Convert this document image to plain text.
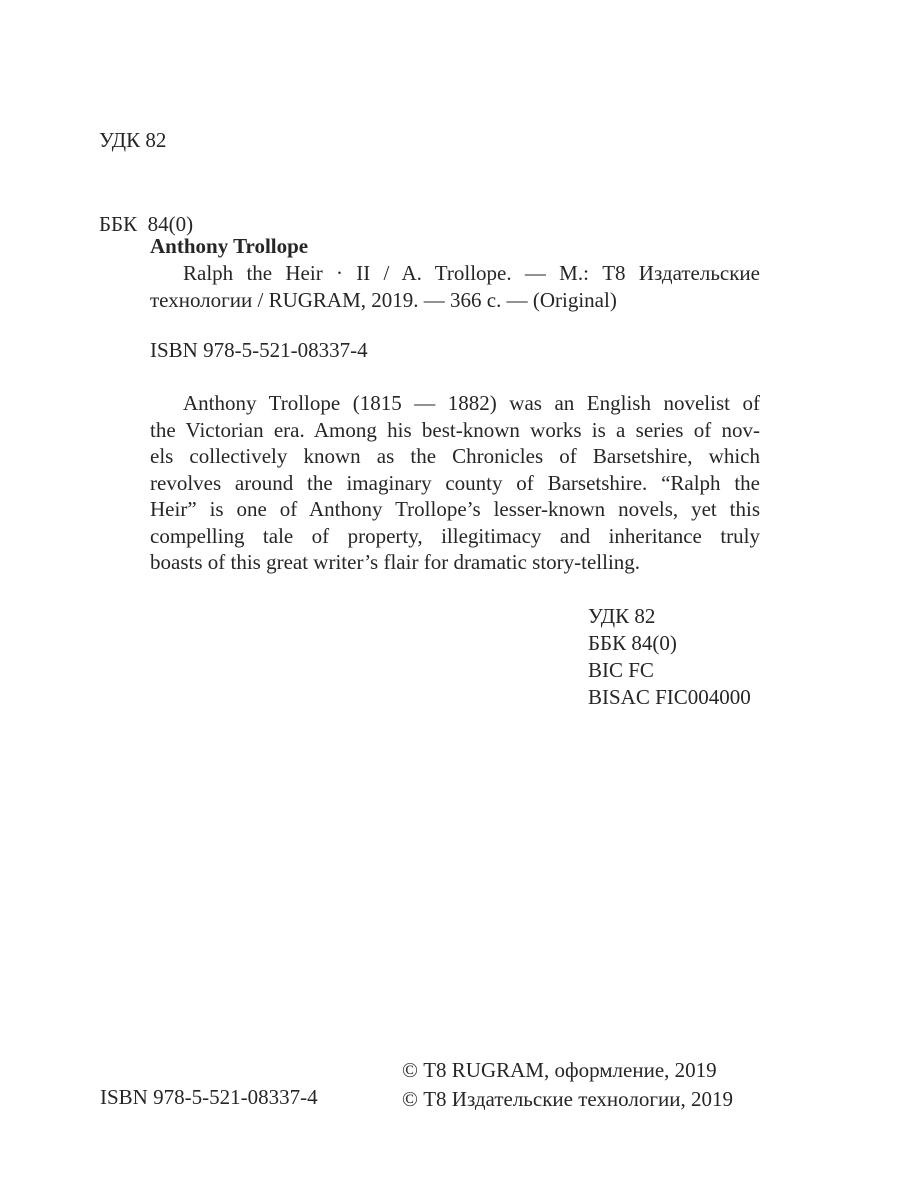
УДК 82

ББК  84(0)

Anthony Trollope
Ralph the Heir · II / A. Trollope. — М.: Т8 Издательские
технологии / RUGRAM, 2019. — 366 с. — (Original)
ISBN 978-5-521-08337-4
Anthony Trollope (1815 — 1882) was an English novelist of
the Victorian era. Among his best-known works is a series of nov-
els collectively known as the Chronicles of Barsetshire, which
revolves around the imaginary county of Barsetshire. “Ralph the
Heir” is one of Anthony Trollope’s lesser-known novels, yet this
compelling tale of property, illegitimacy and inheritance truly
boasts of this great writer’s flair for dramatic story-telling.
УДК 82
ББК 84(0)
BIC FC
BISAC FIC004000
ISBN 978-5-521-08337-4
© Т8 RUGRAM, оформление, 2019
© Т8 Издательские технологии, 2019
